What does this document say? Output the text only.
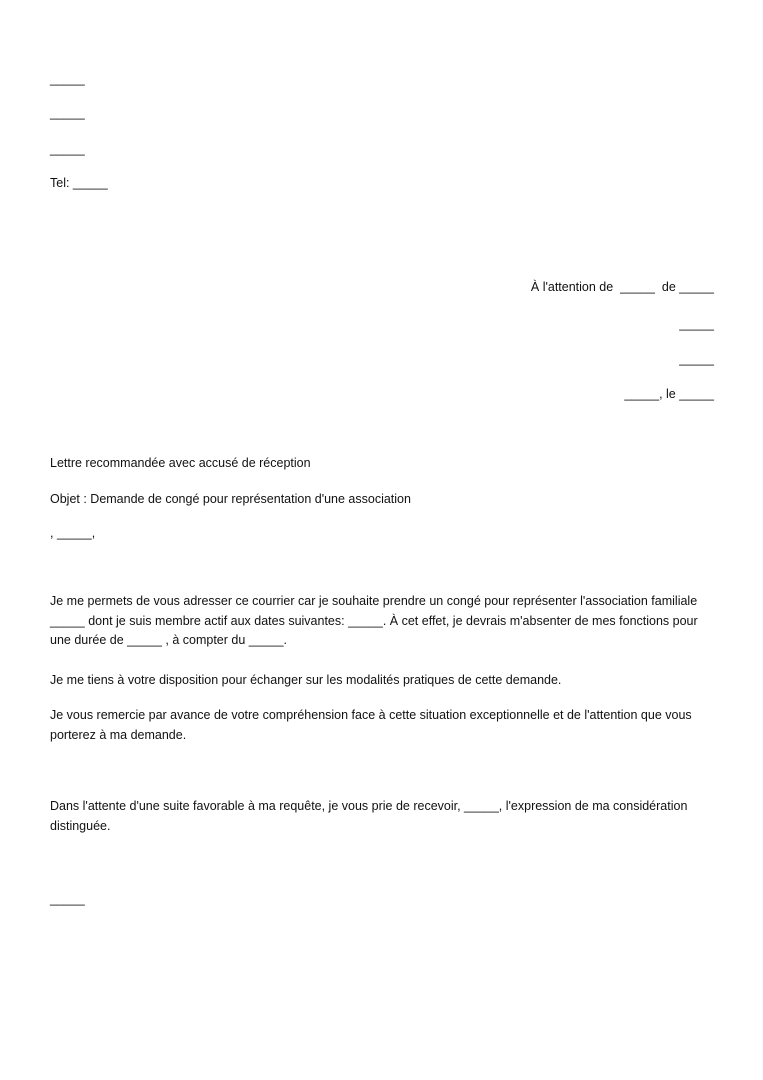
_____
_____
_____
Tel: _____
À l'attention de  _____  de _____
_____
_____
_____, le _____
Lettre recommandée avec accusé de réception
Objet : Demande de congé pour représentation d'une association
, _____,

Je me permets de vous adresser ce courrier car je souhaite prendre un congé pour représenter l'association familiale _____ dont je suis membre actif aux dates suivantes: _____. À cet effet, je devrais m'absenter de mes fonctions pour une durée de _____ , à compter du _____.

Je me tiens à votre disposition pour échanger sur les modalités pratiques de cette demande.

Je vous remercie par avance de votre compréhension face à cette situation exceptionnelle et de l'attention que vous porterez à ma demande.

Dans l'attente d'une suite favorable à ma requête, je vous prie de recevoir, _____, l'expression de ma considération distinguée.

_____
